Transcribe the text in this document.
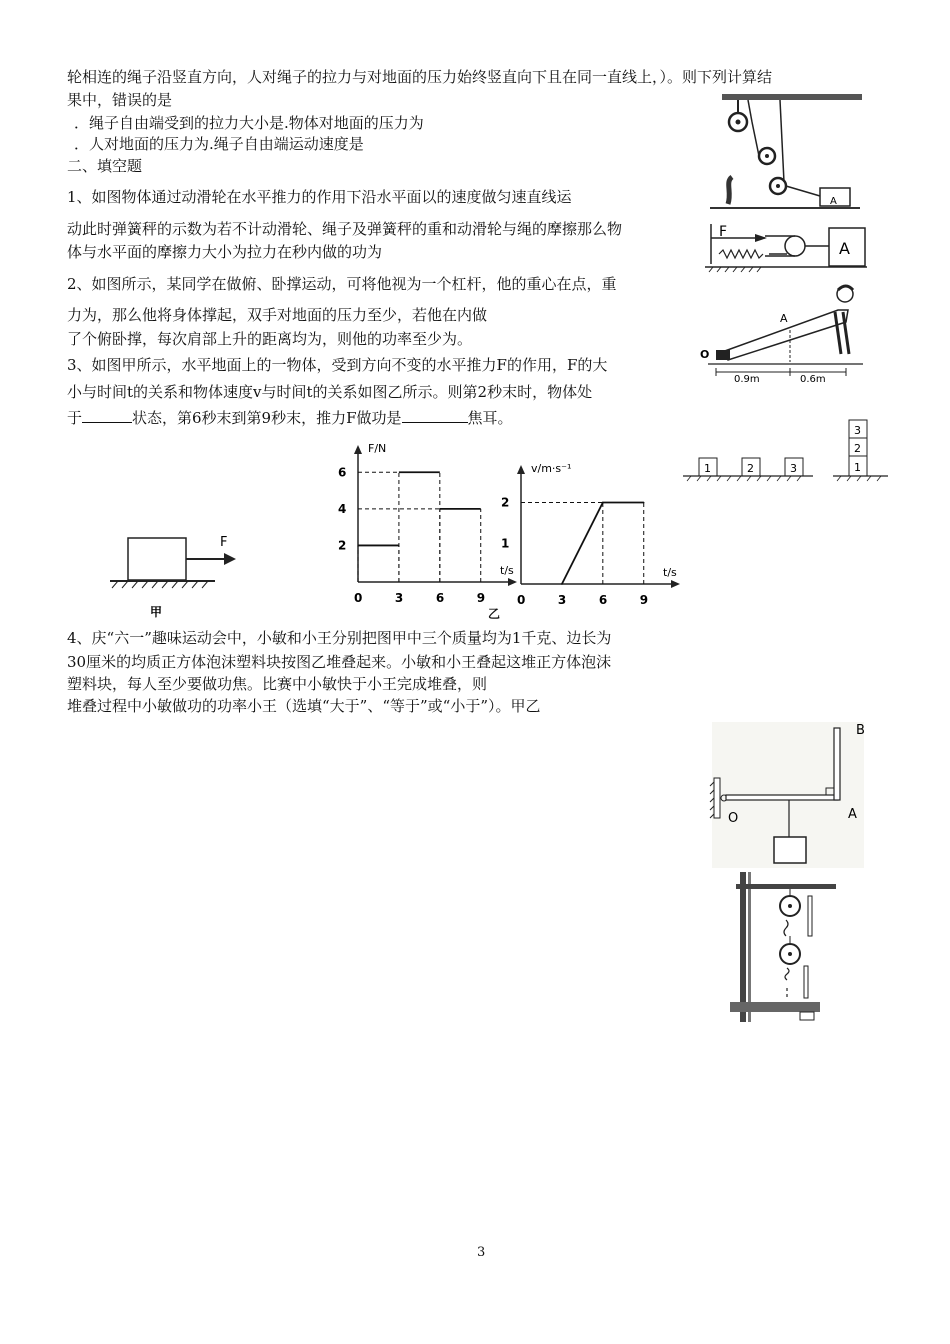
轮相连的绳子沿竖直方向，人对绳子的拉力与对地面的压力始终竖直向下且在同一直线上，）。则下列计算结
果中，错误的是
．绳子自由端受到的拉力大小是.物体对地面的压力为
．人对地面的压力为.绳子自由端运动速度是
二、填空题
1、如图物体通过动滑轮在水平推力的作用下沿水平面以的速度做匀速直线运
动此时弹簧秤的示数为若不计动滑轮、绳子及弹簧秤的重和动滑轮与绳的摩擦那么物
体与水平面的摩擦力大小为拉力在秒内做的功为
2、如图所示，某同学在做俯、卧撑运动，可将他视为一个杠杆，他的重心在点，重
力为，那么他将身体撑起，双手对地面的压力至少，若他在内做
了个俯卧撑，每次肩部上升的距离均为，则他的功率至少为。
3、如图甲所示，水平地面上的一物体，受到方向不变的水平推力F的作用，F的大
小与时间t的关系和物体速度v与时间t的关系如图乙所示。则第2秒末时，物体处
于	状态，第6秒末到第9秒末，推力F做功是	焦耳。
4、庆“六一”趣味运动会中，小敏和小王分别把图甲中三个质量均为1千克、边长为
30厘米的均质正方体泡沫塑料块按图乙堆叠起来。小敏和小王叠起这堆正方体泡沫
塑料块，每人至少要做功焦。比赛中小敏快于小王完成堆叠，则
堆叠过程中小敏做功的功率小王（选填“大于”、“等于”或“小于”）。甲乙
3
A
F
A
A
O
0.9m	0.6m
1	2	3
3
2
1
F
甲
F/N
t/s
0	3	6	9
2
4
6	v/m·s⁻¹
t/s
0	3	6	9
1
2
乙
B
O	A
